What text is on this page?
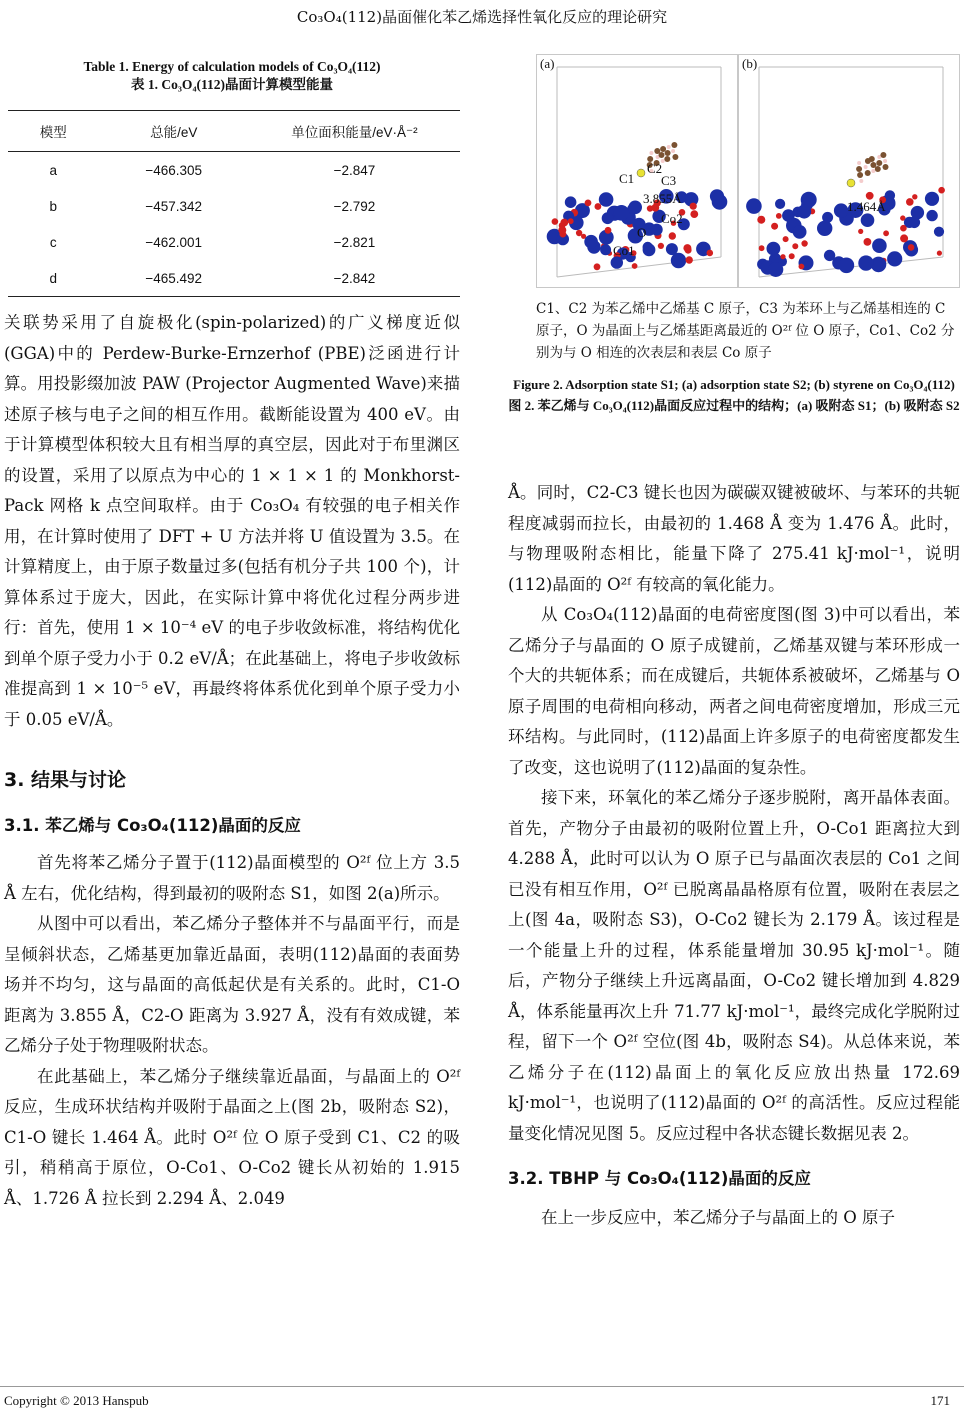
Co₃O₄(112)晶面催化苯乙烯选择性氧化反应的理论研究
Table 1. Energy of calculation models of Co₃O₄(112)
表 1. Co₃O₄(112)晶面计算模型能量
模型	总能/eV	单位面积能量/eV·Å⁻²
a	−466.305	−2.847
b	−457.342	−2.792
c	−462.001	−2.821
d	−465.492	−2.842

关联势采用了自旋极化(spin-polarized)的广义梯度近似(GGA)中的 Perdew-Burke-Ernzerhof (PBE)泛函进行计算。用投影缀加波 PAW (Projector Augmented Wave)来描述原子核与电子之间的相互作用。截断能设置为 400 eV。由于计算模型体积较大且有相当厚的真空层，因此对于布里渊区的设置，采用了以原点为中心的 1 × 1 × 1 的 Monkhorst-Pack 网格 k 点空间取样。由于 Co₃O₄ 有较强的电子相关作用，在计算时使用了 DFT + U 方法并将 U 值设置为 3.5。在计算精度上，由于原子数量过多(包括有机分子共 100 个)，计算体系过于庞大，因此，在实际计算中将优化过程分两步进行：首先，使用 1 × 10⁻⁴ eV 的电子步收敛标准，将结构优化到单个原子受力小于 0.2 eV/Å；在此基础上，将电子步收敛标准提高到 1 × 10⁻⁵ eV，再最终将体系优化到单个原子受力小于 0.05 eV/Å。

3. 结果与讨论

3.1. 苯乙烯与 Co₃O₄(112)晶面的反应

首先将苯乙烯分子置于(112)晶面模型的 O²ᶠ 位上方 3.5 Å 左右，优化结构，得到最初的吸附态 S1，如图 2(a)所示。

从图中可以看出，苯乙烯分子整体并不与晶面平行，而是呈倾斜状态，乙烯基更加靠近晶面，表明(112)晶面的表面势场并不均匀，这与晶面的高低起伏是有关系的。此时，C1-O 距离为 3.855 Å，C2-O 距离为 3.927 Å，没有有效成键，苯乙烯分子处于物理吸附状态。

在此基础上，苯乙烯分子继续靠近晶面，与晶面上的 O²ᶠ 反应，生成环状结构并吸附于晶面之上(图 2b，吸附态 S2)，C1-O 键长 1.464 Å。此时 O²ᶠ 位 O 原子受到 C1、C2 的吸引，稍稍高于原位，O-Co1、O-Co2 键长从初始的 1.915 Å、1.726 Å 拉长到 2.294 Å、2.049

(a)
C1
C2
C3
3.855Å
Co2
O
Co1
(b)
1.464Å

C1、C2 为苯乙烯中乙烯基 C 原子，C3 为苯环上与乙烯基相连的 C 原子，O 为晶面上与乙烯基距离最近的 O²ᶠ 位 O 原子，Co1、Co2 分别为与 O 相连的次表层和表层 Co 原子

Figure 2. Adsorption state S1; (a) adsorption state S2; (b) styrene on Co₃O₄(112)

图 2. 苯乙烯与 Co₃O₄(112)晶面反应过程中的结构；(a) 吸附态 S1；(b) 吸附态 S2

Å。同时，C2-C3 键长也因为碳碳双键被破坏、与苯环的共轭程度减弱而拉长，由最初的 1.468 Å 变为 1.476 Å。此时，与物理吸附态相比，能量下降了 275.41 kJ·mol⁻¹，说明(112)晶面的 O²ᶠ 有较高的氧化能力。

从 Co₃O₄(112)晶面的电荷密度图(图 3)中可以看出，苯乙烯分子与晶面的 O 原子成键前，乙烯基双键与苯环形成一个大的共轭体系；而在成键后，共轭体系被破坏，乙烯基与 O 原子周围的电荷相向移动，两者之间电荷密度增加，形成三元环结构。与此同时，(112)晶面上许多原子的电荷密度都发生了改变，这也说明了(112)晶面的复杂性。

接下来，环氧化的苯乙烯分子逐步脱附，离开晶体表面。首先，产物分子由最初的吸附位置上升，O-Co1 距离拉大到 4.288 Å，此时可以认为 O 原子已与晶面次表层的 Co1 之间已没有相互作用，O²ᶠ 已脱离晶晶格原有位置，吸附在表层之上(图 4a，吸附态 S3)，O-Co2 键长为 2.179 Å。该过程是一个能量上升的过程，体系能量增加 30.95 kJ·mol⁻¹。随后，产物分子继续上升远离晶面，O-Co2 键长增加到 4.829 Å，体系能量再次上升 71.77 kJ·mol⁻¹，最终完成化学脱附过程，留下一个 O²ᶠ 空位(图 4b，吸附态 S4)。从总体来说，苯乙烯分子在(112)晶面上的氧化反应放出热量 172.69 kJ·mol⁻¹，也说明了(112)晶面的 O²ᶠ 的高活性。反应过程能量变化情况见图 5。反应过程中各状态键长数据见表 2。

3.2. TBHP 与 Co₃O₄(112)晶面的反应

在上一步反应中，苯乙烯分子与晶面上的 O 原子

Copyright © 2013 Hanspub	171
